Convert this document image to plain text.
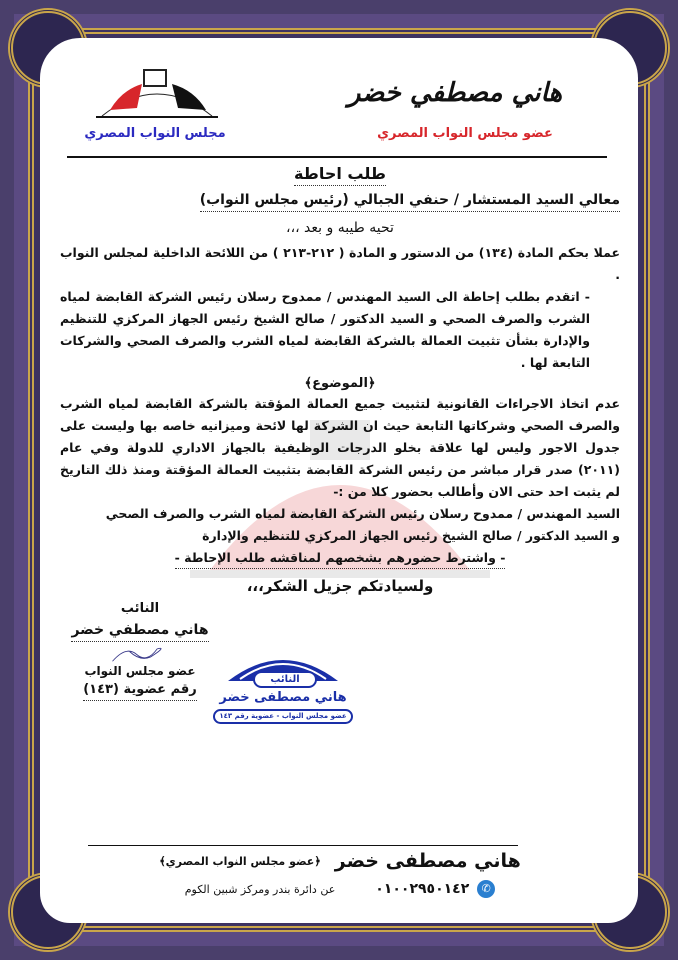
مجلس النواب المصري
هاني مصطفي خضر
عضو مجلس النواب المصري
طلب احاطة
معالي السيد المستشار / حنفي الجبالي (رئيس مجلس النواب)
تحيه طيبه و بعد ،،،

عملا بحكم المادة (١٣٤) من الدستور و المادة ( ٢١٢-٢١٣ ) من اللائحة الداخلية لمجلس النواب .

- اتقدم بطلب إحاطة الى السيد المهندس / ممدوح رسلان رئيس الشركة القابضة لمياه الشرب والصرف الصحي و السيد الدكتور / صالح الشيخ رئيس الجهاز المركزي للتنظيم والإدارة بشأن تثبيت العمالة بالشركة القابضة لمياه الشرب والصرف الصحي والشركات التابعة لها .

﴿الموضوع﴾

عدم اتخاذ الاجراءات القانونية لتثبيت جميع العمالة المؤقتة بالشركة القابضة لمياه الشرب والصرف الصحي وشركاتها التابعة حيث ان الشركة لها لائحة وميزانيه خاصه بها وليست على جدول الاجور وليس لها علاقة بخلو الدرجات الوظيفية بالجهاز الاداري للدولة وفي عام (٢٠١١) صدر قرار مباشر من رئيس الشركة القابضة بتثبيت العمالة المؤقتة ومنذ ذلك التاريخ لم يثبت احد حتى الان وأطالب بحضور كلا من :-

السيد المهندس / ممدوح رسلان رئيس الشركة القابضة لمياه الشرب والصرف الصحي

و السيد الدكتور / صالح الشيخ رئيس الجهاز المركزي للتنظيم والإدارة

- واشترط حضورهم بشخصهم لمناقشه طلب الإحاطة -
ولسيادتكم جزيل الشكر،،،
النائب
هاني مصطفي خضر
عضو مجلس النواب
رقم عضوية (١٤٣)
النائب
هاني مصطفى خضر
عضو مجلس النواب - عضوية رقم ١٤٣
هاني مصطفى خضر
﴿عضو مجلس النواب المصري﴾
✆
٠١٠٠٢٩٥٠١٤٢
عن دائرة بندر ومركز شبين الكوم
